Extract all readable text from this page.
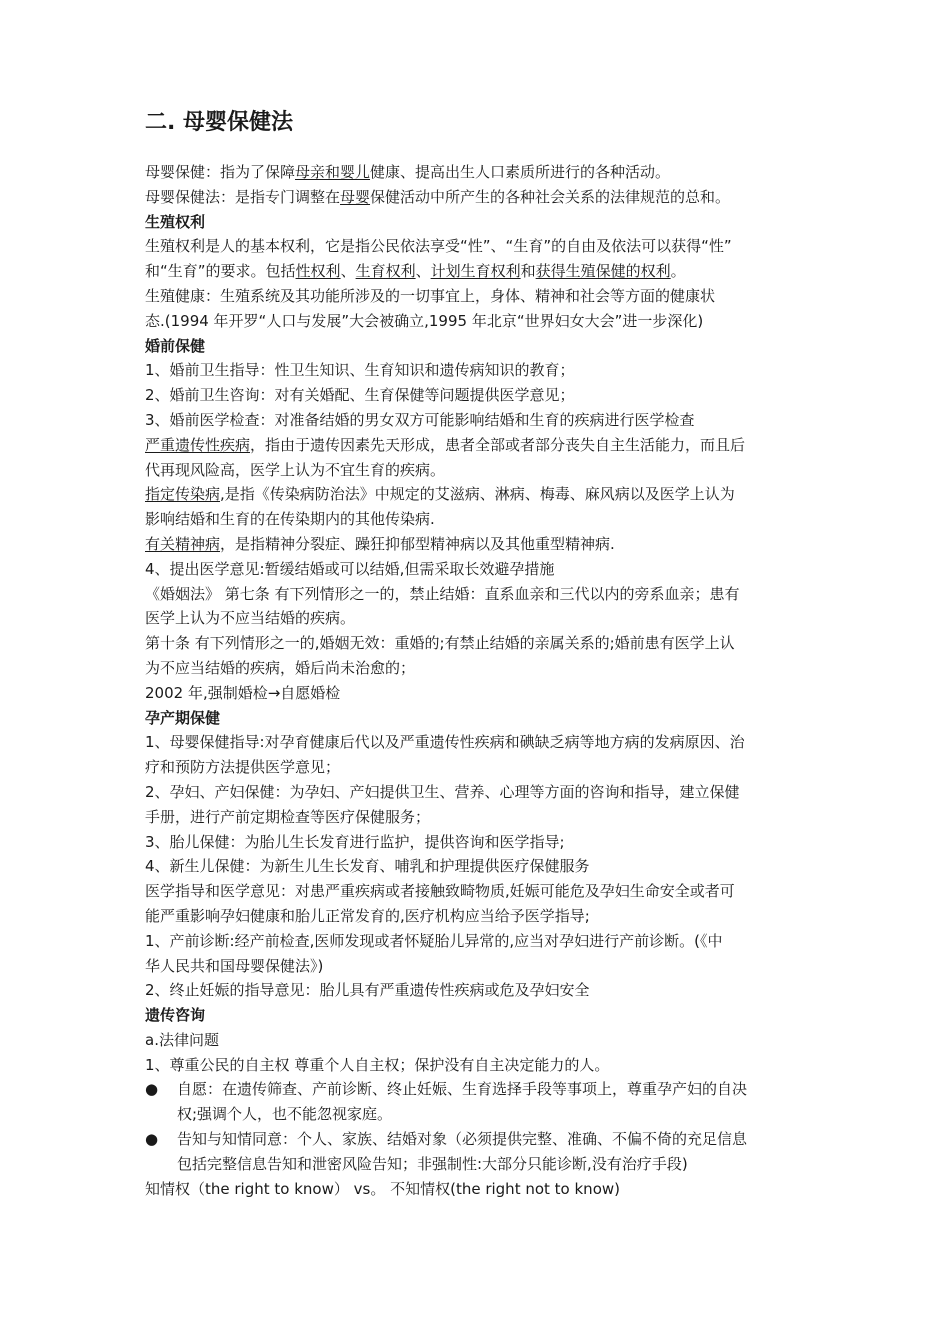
二. 母婴保健法
母婴保健：指为了保障母亲和婴儿健康、提高出生人口素质所进行的各种活动。
母婴保健法：是指专门调整在母婴保健活动中所产生的各种社会关系的法律规范的总和。
生殖权利
生殖权利是人的基本权利，它是指公民依法享受“性”、“生育”的自由及依法可以获得“性”
和“生育”的要求。包括性权利、生育权利、计划生育权利和获得生殖保健的权利。
生殖健康：生殖系统及其功能所涉及的一切事宜上，身体、精神和社会等方面的健康状
态.(1994 年开罗“人口与发展”大会被确立,1995 年北京“世界妇女大会”进一步深化)
婚前保健
1、婚前卫生指导：性卫生知识、生育知识和遗传病知识的教育；
2、婚前卫生咨询：对有关婚配、生育保健等问题提供医学意见；
3、婚前医学检查：对准备结婚的男女双方可能影响结婚和生育的疾病进行医学检查
严重遗传性疾病，指由于遗传因素先天形成，患者全部或者部分丧失自主生活能力，而且后
代再现风险高，医学上认为不宜生育的疾病。
指定传染病,是指《传染病防治法》中规定的艾滋病、淋病、梅毒、麻风病以及医学上认为
影响结婚和生育的在传染期内的其他传染病.
有关精神病，是指精神分裂症、躁狂抑郁型精神病以及其他重型精神病.
4、提出医学意见:暂缓结婚或可以结婚,但需采取长效避孕措施
《婚姻法》 第七条 有下列情形之一的，禁止结婚：直系血亲和三代以内的旁系血亲；患有
医学上认为不应当结婚的疾病。
第十条 有下列情形之一的,婚姻无效：重婚的;有禁止结婚的亲属关系的;婚前患有医学上认
为不应当结婚的疾病，婚后尚未治愈的；
2002 年,强制婚检→自愿婚检
孕产期保健
1、母婴保健指导:对孕育健康后代以及严重遗传性疾病和碘缺乏病等地方病的发病原因、治
疗和预防方法提供医学意见；
2、孕妇、产妇保健：为孕妇、产妇提供卫生、营养、心理等方面的咨询和指导，建立保健
手册，进行产前定期检查等医疗保健服务；
3、胎儿保健：为胎儿生长发育进行监护，提供咨询和医学指导;
4、新生儿保健：为新生儿生长发育、哺乳和护理提供医疗保健服务
医学指导和医学意见：对患严重疾病或者接触致畸物质,妊娠可能危及孕妇生命安全或者可
能严重影响孕妇健康和胎儿正常发育的,医疗机构应当给予医学指导;
1、产前诊断:经产前检查,医师发现或者怀疑胎儿异常的,应当对孕妇进行产前诊断。(《中
华人民共和国母婴保健法》)
2、终止妊娠的指导意见：胎儿具有严重遗传性疾病或危及孕妇安全
遗传咨询
a.法律问题
1、尊重公民的自主权 尊重个人自主权；保护没有自主决定能力的人。
●	自愿：在遗传筛查、产前诊断、终止妊娠、生育选择手段等事项上，尊重孕产妇的自决
权;强调个人，也不能忽视家庭。
●	告知与知情同意：个人、家族、结婚对象（必须提供完整、准确、不偏不倚的充足信息
包括完整信息告知和泄密风险告知；非强制性:大部分只能诊断,没有治疗手段)
知情权（the right to know） vs。 不知情权(the right not to know)
